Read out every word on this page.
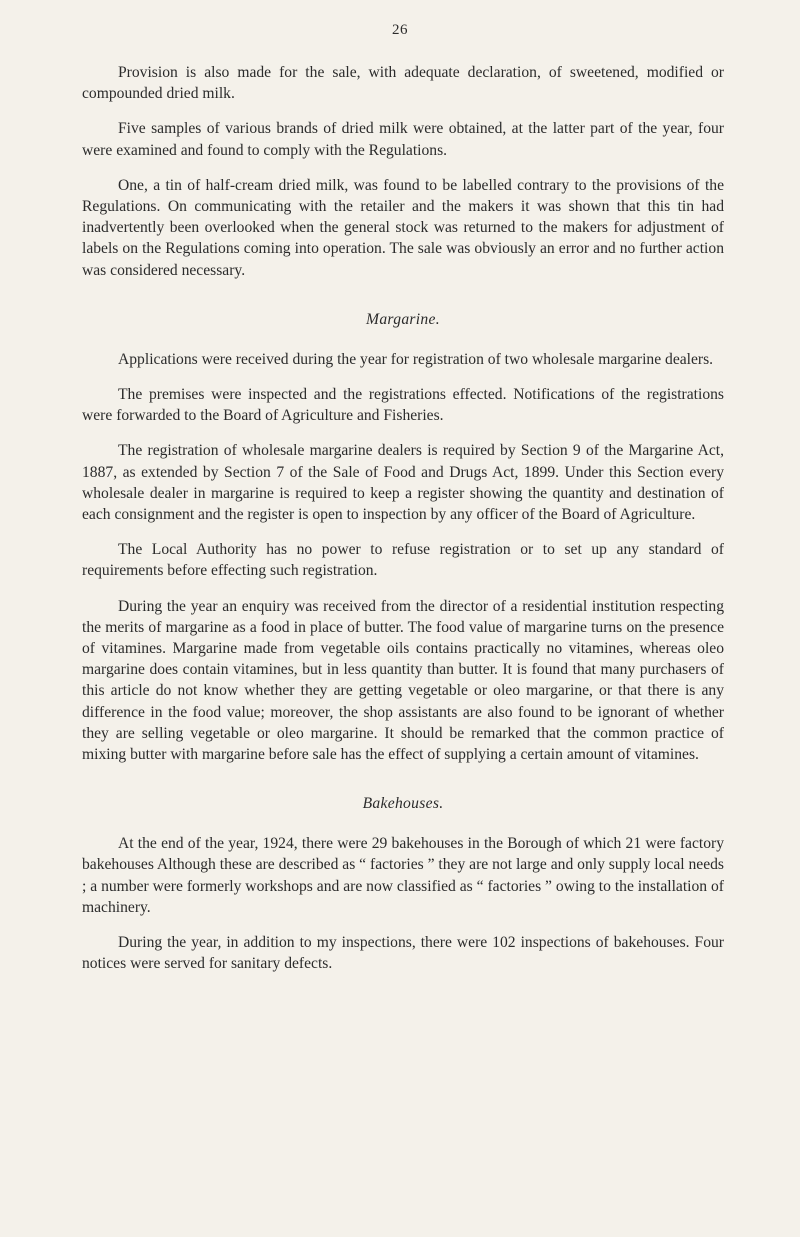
26

Provision is also made for the sale, with adequate declaration, of sweetened, modified or compounded dried milk.

Five samples of various brands of dried milk were obtained, at the latter part of the year, four were examined and found to comply with the Regulations.

One, a tin of half-cream dried milk, was found to be labelled contrary to the provisions of the Regulations. On communicating with the retailer and the makers it was shown that this tin had inadvertently been overlooked when the general stock was returned to the makers for adjustment of labels on the Regulations coming into operation. The sale was obviously an error and no further action was considered necessary.

Margarine.

Applications were received during the year for registration of two wholesale margarine dealers.

The premises were inspected and the registrations effected. Notifications of the registrations were forwarded to the Board of Agriculture and Fisheries.

The registration of wholesale margarine dealers is required by Section 9 of the Margarine Act, 1887, as extended by Section 7 of the Sale of Food and Drugs Act, 1899. Under this Section every wholesale dealer in margarine is required to keep a register showing the quantity and destination of each consignment and the register is open to inspection by any officer of the Board of Agriculture.

The Local Authority has no power to refuse registration or to set up any standard of requirements before effecting such registration.

During the year an enquiry was received from the director of a residential institution respecting the merits of margarine as a food in place of butter. The food value of margarine turns on the presence of vitamines. Margarine made from vegetable oils contains practically no vitamines, whereas oleo margarine does contain vitamines, but in less quantity than butter. It is found that many purchasers of this article do not know whether they are getting vegetable or oleo margarine, or that there is any difference in the food value; moreover, the shop assistants are also found to be ignorant of whether they are selling vegetable or oleo margarine. It should be remarked that the common practice of mixing butter with margarine before sale has the effect of supplying a certain amount of vitamines.

Bakehouses.

At the end of the year, 1924, there were 29 bakehouses in the Borough of which 21 were factory bakehouses Although these are described as “ factories ” they are not large and only supply local needs ; a number were formerly workshops and are now classified as “ factories ” owing to the installation of machinery.

During the year, in addition to my inspections, there were 102 inspections of bakehouses. Four notices were served for sanitary defects.
